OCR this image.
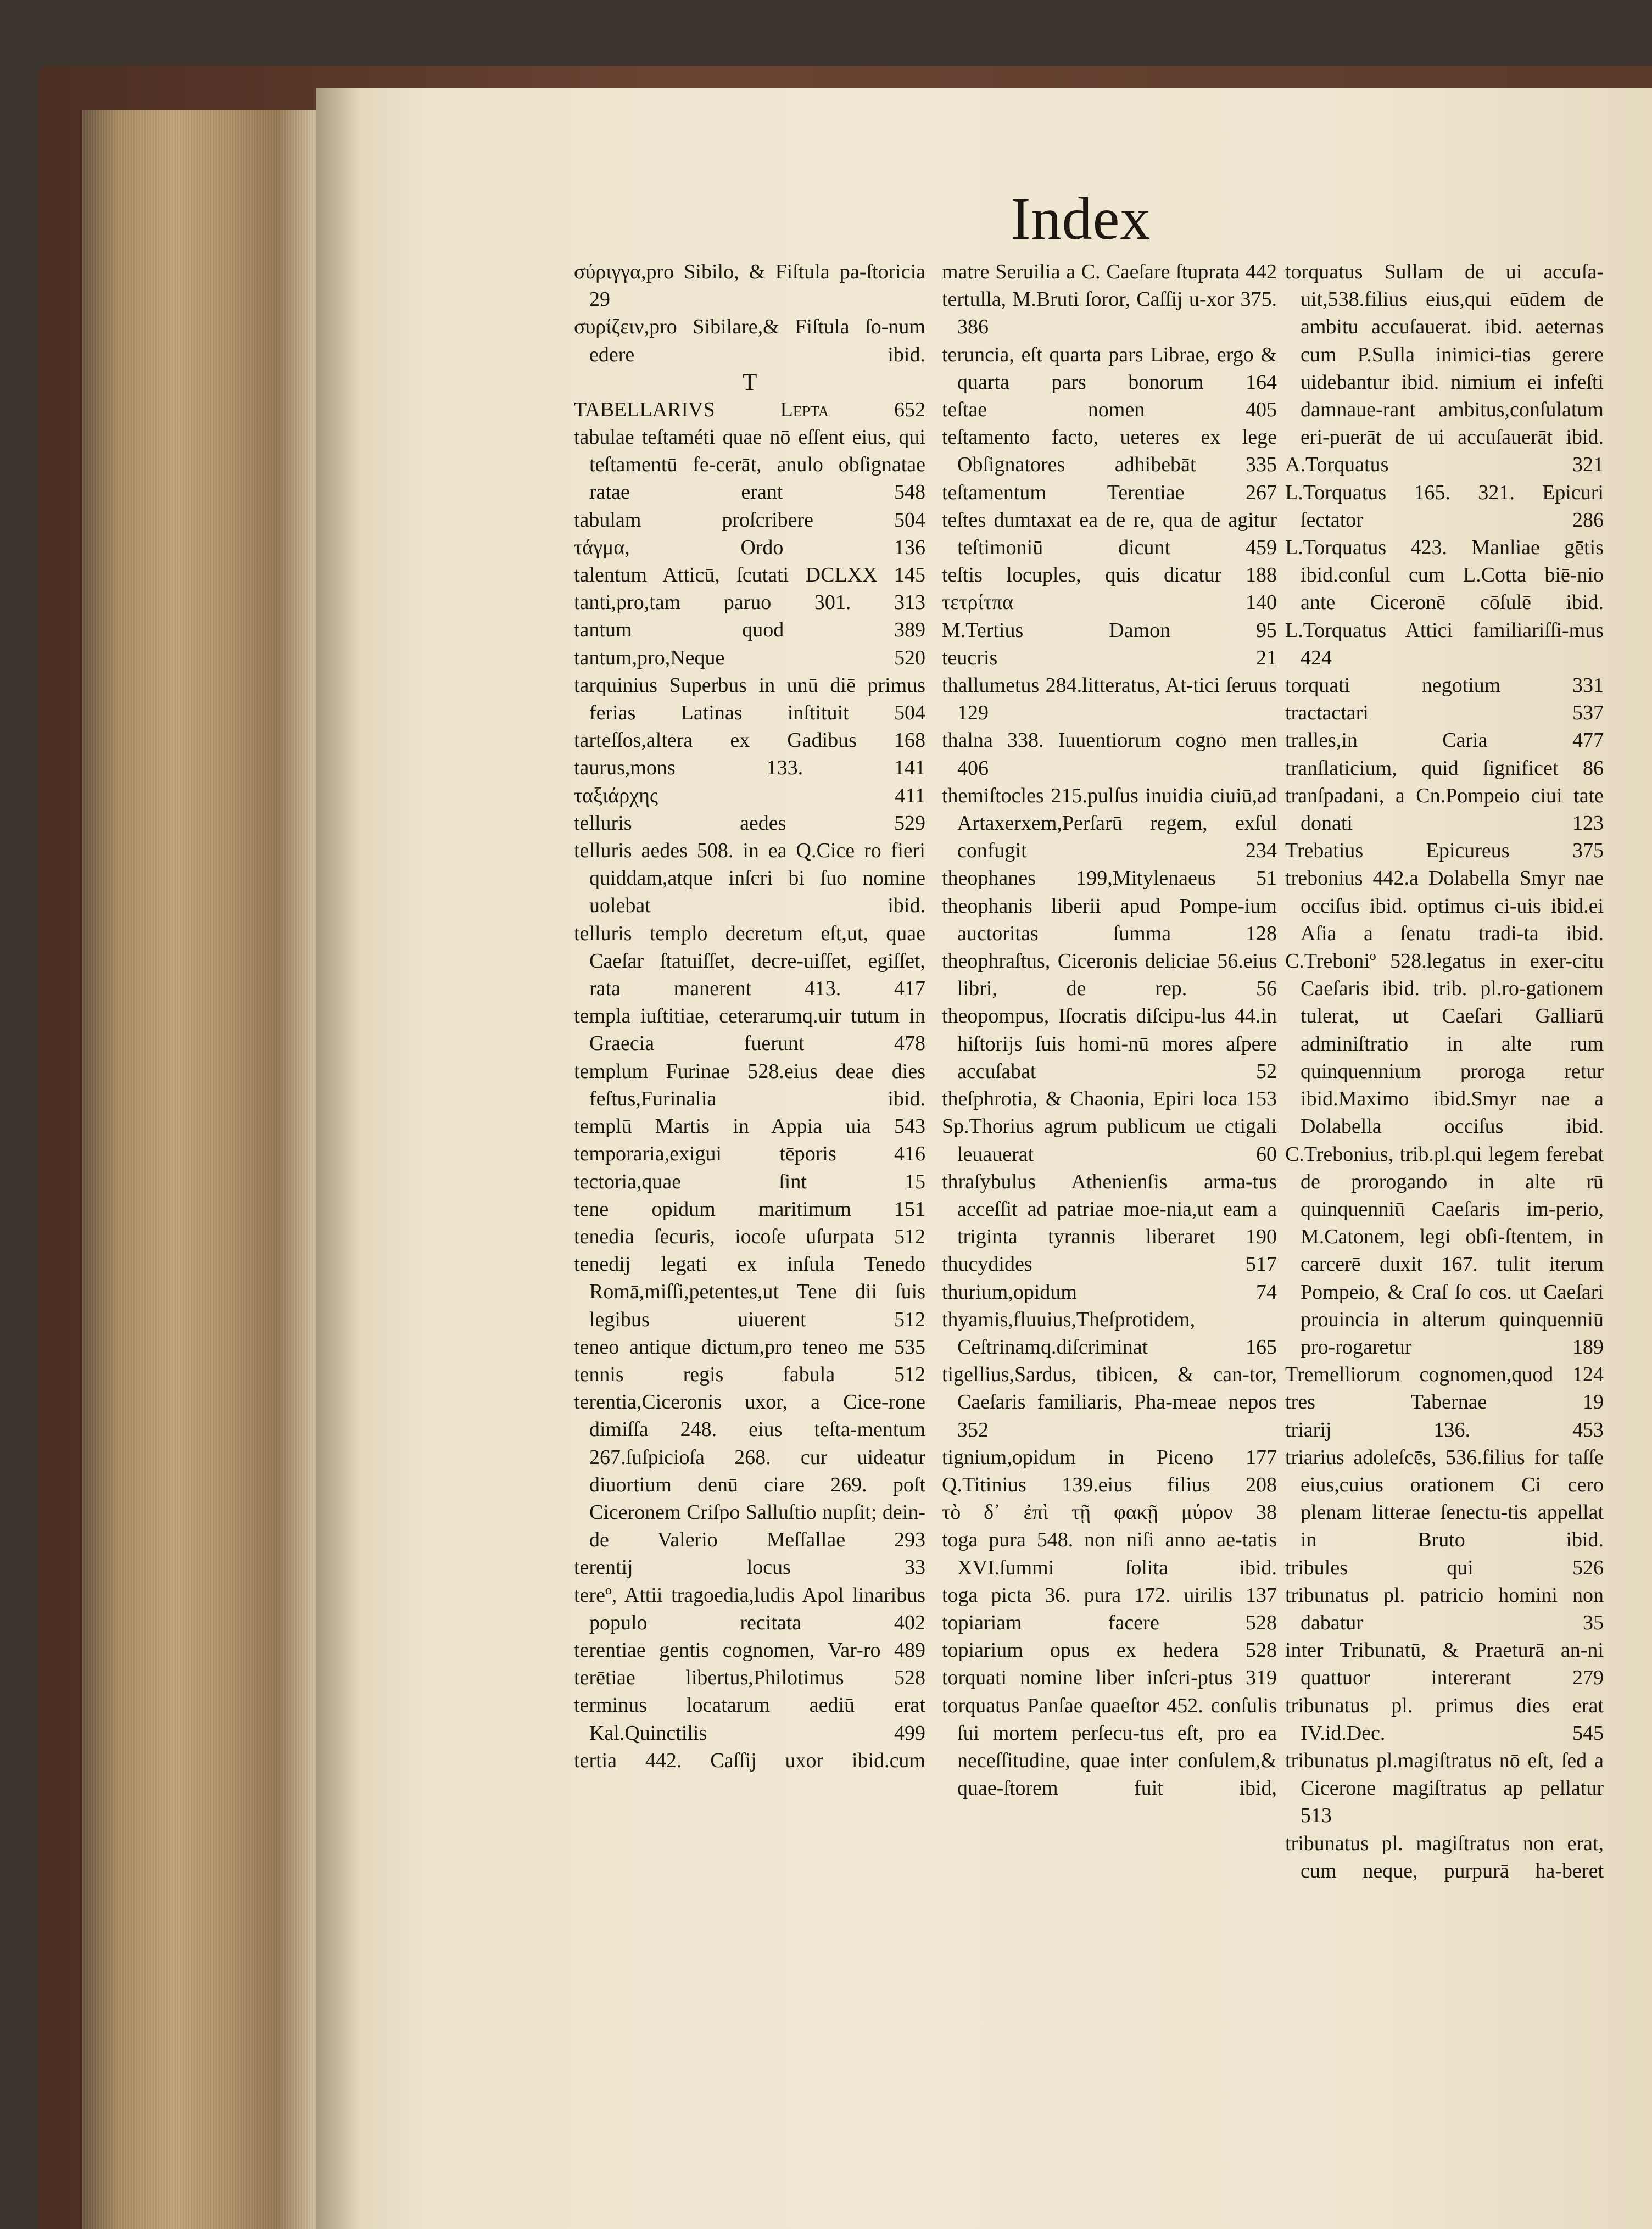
Index
σύριγγα,pro Sibilo, & Fiſtula pa-ſtoricia 29
συρίζειν,pro Sibilare,& Fiſtula ſo-num edere ibid.
T
TABELLARIVS Lepta 652
tabulae teſtaméti quae nō eſſent eius, qui teſtamentū fe-cerāt, anulo obſignatae ratae erant 548
tabulam proſcribere 504
τάγμα, Ordo 136
talentum Atticū, ſcutati DCLXX 145
tanti,pro,tam paruo 301. 313
tantum quod 389
tantum,pro,Neque 520
tarquinius Superbus in unū diē primus ferias Latinas inſtituit 504
tarteſſos,altera ex Gadibus 168
taurus,mons 133. 141
ταξιάρχης 411
telluris aedes 529
telluris aedes 508. in ea Q.Cice ro fieri quiddam,atque inſcri bi ſuo nomine uolebat ibid.
telluris templo decretum eſt,ut, quae Caeſar ſtatuiſſet, decre-uiſſet, egiſſet, rata manerent 413. 417
templa iuſtitiae, ceterarumq.uir tutum in Graecia fuerunt 478
templum Furinae 528.eius deae dies feſtus,Furinalia ibid.
templū Martis in Appia uia 543
temporaria,exigui tēporis 416
tectoria,quae ſint 15
tene opidum maritimum 151
tenedia ſecuris, iocoſe uſurpata 512
tenedij legati ex inſula Tenedo Romā,miſſi,petentes,ut Tene dii ſuis legibus uiuerent 512
teneo antique dictum,pro teneo me 535
tennis regis fabula 512
terentia,Ciceronis uxor, a Cice-rone dimiſſa 248. eius teſta-mentum 267.ſuſpicioſa 268. cur uideatur diuortium denū ciare 269. poſt Ciceronem Criſpo Salluſtio nupſit; dein-de Valerio Meſſallae 293
terentij locus 33
tereº, Attii tragoedia,ludis Apol linaribus populo recitata 402
terentiae gentis cognomen, Var-ro 489
terētiae libertus,Philotimus 528
terminus locatarum aediū erat Kal.Quinctilis 499
tertia 442. Caſſij uxor ibid.cum
matre Seruilia a C. Caeſare ſtuprata 442
tertulla, M.Bruti ſoror, Caſſij u-xor 375. 386
teruncia, eſt quarta pars Librae, ergo & quarta pars bonorum 164
teſtae nomen 405
teſtamento facto, ueteres ex lege Obſignatores adhibebāt 335
teſtamentum Terentiae 267
teſtes dumtaxat ea de re, qua de agitur teſtimoniū dicunt 459
teſtis locuples, quis dicatur 188
τετρίτπα 140
M.Tertius Damon 95
teucris 21
thallumetus 284.litteratus, At-tici ſeruus 129
thalna 338. Iuuentiorum cogno men 406
themiſtocles 215.pulſus inuidia ciuiū,ad Artaxerxem,Perſarū regem, exſul confugit 234
theophanes 199,Mitylenaeus 51
theophanis liberii apud Pompe-ium auctoritas ſumma 128
theophraſtus, Ciceronis deliciae 56.eius libri, de rep. 56
theopompus, Iſocratis diſcipu-lus 44.in hiſtorijs ſuis homi-nū mores aſpere accuſabat 52
theſphrotia, & Chaonia, Epiri loca 153
Sp.Thorius agrum publicum ue ctigali leuauerat 60
thraſybulus Athenienſis arma-tus acceſſit ad patriae moe-nia,ut eam a triginta tyrannis liberaret 190
thucydides 517
thurium,opidum 74
thyamis,fluuius,Theſprotidem, Ceſtrinamq.diſcriminat 165
tigellius,Sardus, tibicen, & can-tor, Caeſaris familiaris, Pha-meae nepos 352
tignium,opidum in Piceno 177
Q.Titinius 139.eius filius 208
τὸ δ᾽ ἐπὶ τῇ φακῇ μύρον 38
toga pura 548. non niſi anno ae-tatis XVI.ſummi ſolita ibid.
toga picta 36. pura 172. uirilis 137
topiariam facere 528
topiarium opus ex hedera 528
torquati nomine liber inſcri-ptus 319
torquatus Panſae quaeſtor 452. conſulis ſui mortem perſecu-tus eſt, pro ea neceſſitudine, quae inter conſulem,& quae-ſtorem fuit ibid,
torquatus Sullam de ui accuſa-uit,538.filius eius,qui eūdem de ambitu accuſauerat. ibid. aeternas cum P.Sulla inimici-tias gerere uidebantur ibid. nimium ei infeſti damnaue-rant ambitus,conſulatum eri-puerāt de ui accuſauerāt ibid.
A.Torquatus 321
L.Torquatus 165. 321. Epicuri ſectator 286
L.Torquatus 423. Manliae gētis ibid.conſul cum L.Cotta biē-nio ante Ciceronē cōſulē ibid.
L.Torquatus Attici familiariſſi-mus 424
torquati negotium 331
tractactari 537
tralles,in Caria 477
tranſlaticium, quid ſignificet 86
tranſpadani, a Cn.Pompeio ciui tate donati 123
Trebatius Epicureus 375
trebonius 442.a Dolabella Smyr nae occiſus ibid. optimus ci-uis ibid.ei Aſia a ſenatu tradi-ta ibid.
C.Treboniº 528.legatus in exer-citu Caeſaris ibid. trib. pl.ro-gationem tulerat, ut Caeſari Galliarū adminiſtratio in alte rum quinquennium proroga retur ibid.Maximo ibid.Smyr nae a Dolabella occiſus ibid.
C.Trebonius, trib.pl.qui legem ferebat de prorogando in alte rū quinquenniū Caeſaris im-perio, M.Catonem, legi obſi-ſtentem, in carcerē duxit 167. tulit iterum Pompeio, & Craſ ſo cos. ut Caeſari prouincia in alterum quinquenniū pro-rogaretur 189
Tremelliorum cognomen,quod 124
tres Tabernae 19
triarij 136. 453
triarius adoleſcēs, 536.filius for taſſe eius,cuius orationem Ci cero plenam litterae ſenectu-tis appellat in Bruto ibid.
tribules qui 526
tribunatus pl. patricio homini non dabatur 35
inter Tribunatū, & Praeturā an-ni quattuor intererant 279
tribunatus pl. primus dies erat IV.id.Dec. 545
tribunatus pl.magiſtratus nō eſt, ſed a Cicerone magiſtratus ap pellatur 513
tribunatus pl. magiſtratus non erat, cum neque, purpurā ha-beret
